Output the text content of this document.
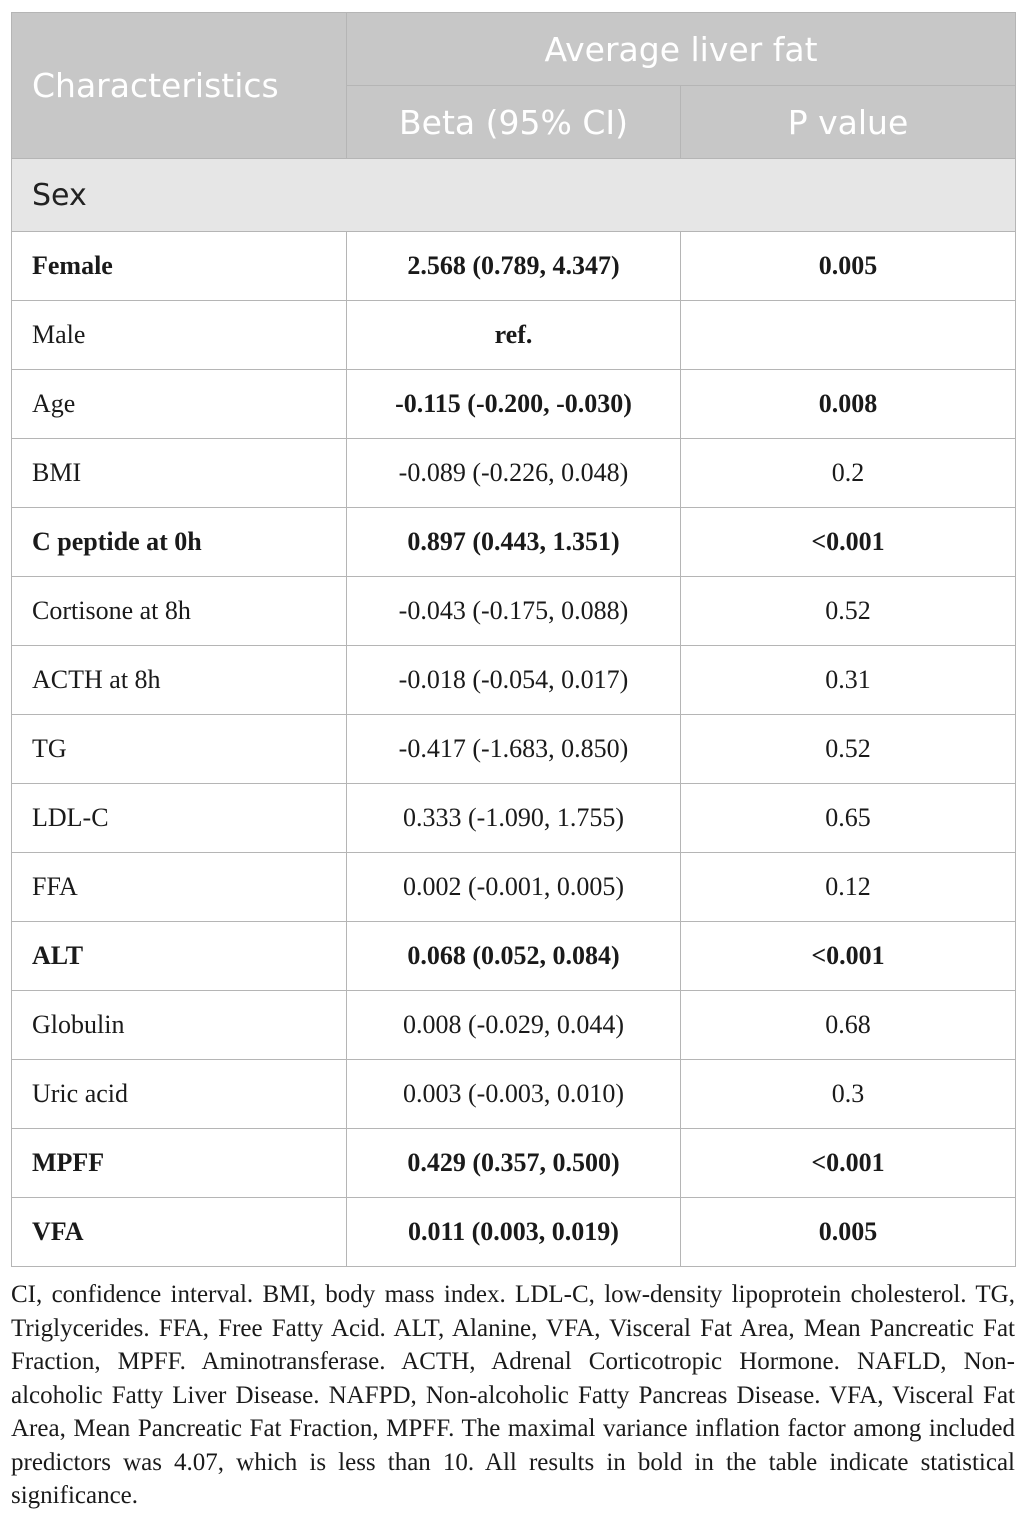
Characteristics	Average liver fat	
	Beta (95% CI)	P value
Sex		
Female	2.568 (0.789, 4.347)	0.005
Male	ref.	
Age	-0.115 (-0.200, -0.030)	0.008
BMI	-0.089 (-0.226, 0.048)	0.2
C peptide at 0h	0.897 (0.443, 1.351)	<0.001
Cortisone at 8h	-0.043 (-0.175, 0.088)	0.52
ACTH at 8h	-0.018 (-0.054, 0.017)	0.31
TG	-0.417 (-1.683, 0.850)	0.52
LDL-C	0.333 (-1.090, 1.755)	0.65
FFA	0.002 (-0.001, 0.005)	0.12
ALT	0.068 (0.052, 0.084)	<0.001
Globulin	0.008 (-0.029, 0.044)	0.68
Uric acid	0.003 (-0.003, 0.010)	0.3
MPFF	0.429 (0.357, 0.500)	<0.001
VFA	0.011 (0.003, 0.019)	0.005

CI, confidence interval. BMI, body mass index. LDL-C, low-density lipoprotein cholesterol. TG, Triglycerides. FFA, Free Fatty Acid. ALT, Alanine, VFA, Visceral Fat Area, Mean Pancreatic Fat Fraction, MPFF. Aminotransferase. ACTH, Adrenal Corticotropic Hormone. NAFLD, Non-alcoholic Fatty Liver Disease. NAFPD, Non-alcoholic Fatty Pancreas Disease. VFA, Visceral Fat Area, Mean Pancreatic Fat Fraction, MPFF. The maximal variance inflation factor among included predictors was 4.07, which is less than 10. All results in bold in the table indicate statistical significance.
